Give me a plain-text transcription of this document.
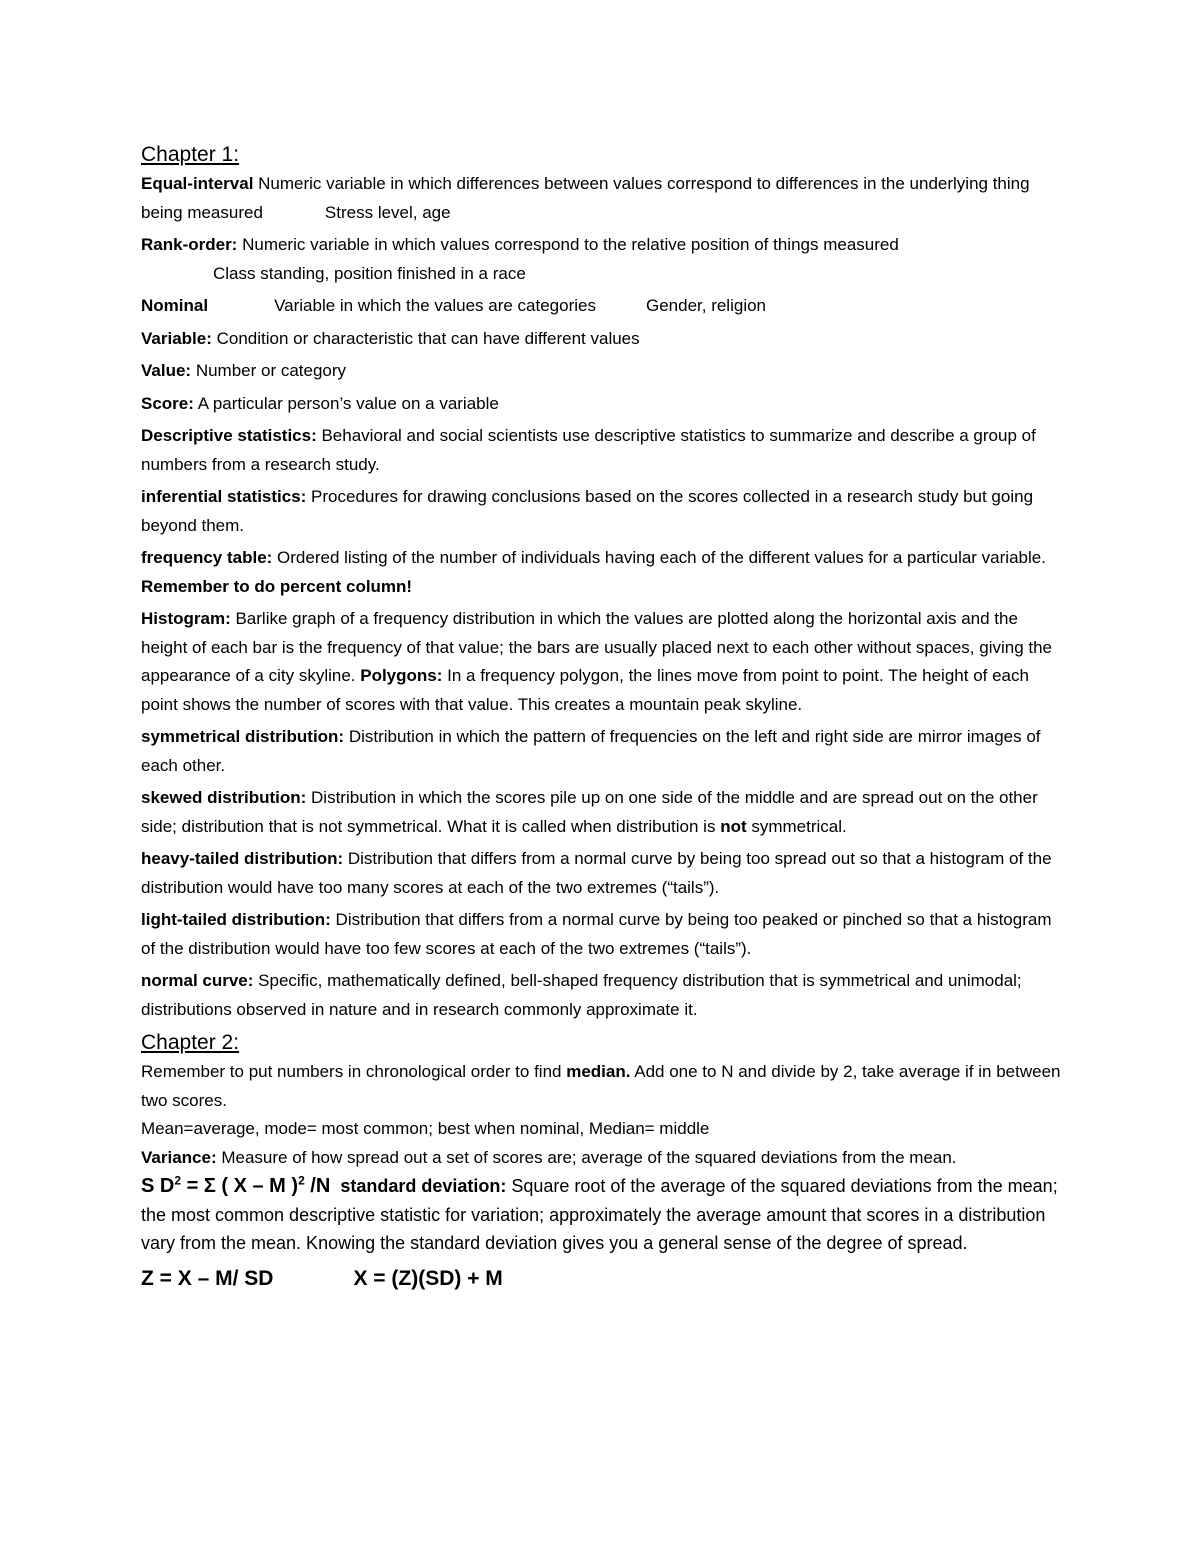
Chapter 1:
Equal-interval Numeric variable in which differences between values correspond to differences in the underlying thing being measured	Stress level, age
Rank-order: Numeric variable in which values correspond to the relative position of things measured
Class standing, position finished in a race
Nominal	Variable in which the values are categories	Gender, religion
Variable: Condition or characteristic that can have different values
Value: Number or category
Score: A particular person’s value on a variable
Descriptive statistics: Behavioral and social scientists use descriptive statistics to summarize and describe a group of numbers from a research study.
inferential statistics: Procedures for drawing conclusions based on the scores collected in a research study but going beyond them.
frequency table: Ordered listing of the number of individuals having each of the different values for a particular variable. Remember to do percent column!
Histogram: Barlike graph of a frequency distribution in which the values are plotted along the horizontal axis and the height of each bar is the frequency of that value; the bars are usually placed next to each other without spaces, giving the appearance of a city skyline. Polygons: In a frequency polygon, the lines move from point to point. The height of each point shows the number of scores with that value. This creates a mountain peak skyline.
symmetrical distribution: Distribution in which the pattern of frequencies on the left and right side are mirror images of each other.
skewed distribution: Distribution in which the scores pile up on one side of the middle and are spread out on the other side; distribution that is not symmetrical. What it is called when distribution is not symmetrical.
heavy-tailed distribution: Distribution that differs from a normal curve by being too spread out so that a histogram of the distribution would have too many scores at each of the two extremes (“tails”).
light-tailed distribution: Distribution that differs from a normal curve by being too peaked or pinched so that a histogram of the distribution would have too few scores at each of the two extremes (“tails”).
normal curve: Specific, mathematically defined, bell-shaped frequency distribution that is symmetrical and unimodal; distributions observed in nature and in research commonly approximate it.
Chapter 2:
Remember to put numbers in chronological order to find median. Add one to N and divide by 2, take average if in between two scores.
Mean=average, mode= most common; best when nominal, Median= middle
Variance: Measure of how spread out a set of scores are; average of the squared deviations from the mean.
S $D^2 = \Sigma$ ( X – M )$^2$ /N standard deviation: Square root of the average of the squared deviations from the mean; the most common descriptive statistic for variation; approximately the average amount that scores in a distribution vary from the mean. Knowing the standard deviation gives you a general sense of the degree of spread.
Z = X – M/ SD	X = (Z)(SD) + M
